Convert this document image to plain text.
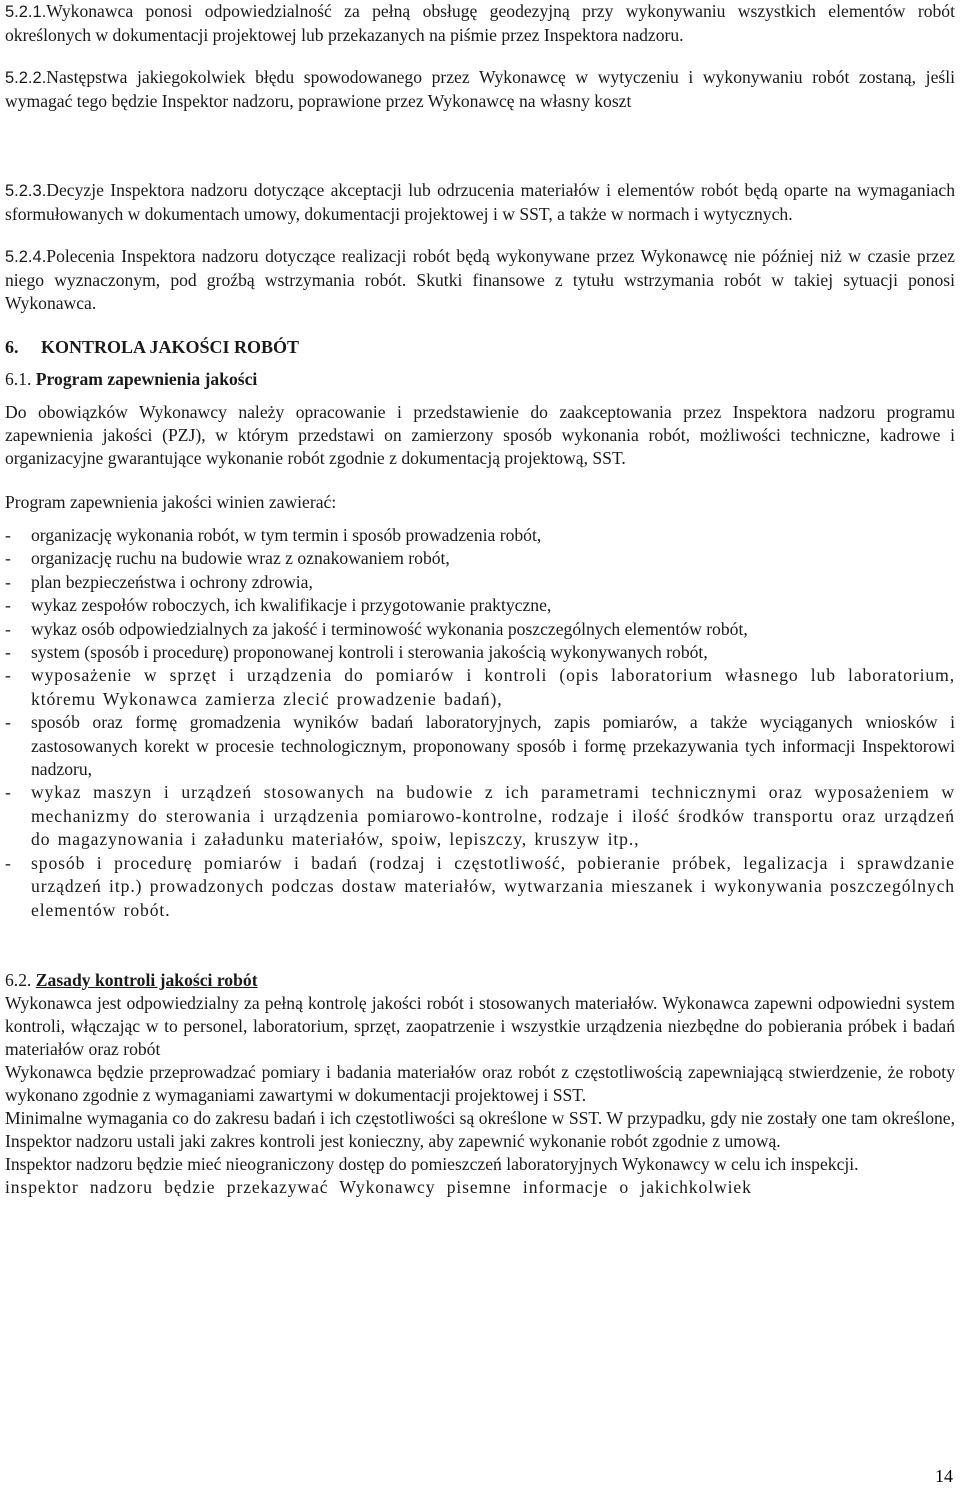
5.2.1.Wykonawca ponosi odpowiedzialność za pełną obsługę geodezyjną przy wykonywaniu wszystkich elementów robót określonych w dokumentacji projektowej lub przekazanych na piśmie przez Inspektora nadzoru.

5.2.2.Następstwa jakiegokolwiek błędu spowodowanego przez Wykonawcę w wytyczeniu i wykonywaniu robót zostaną, jeśli wymagać tego będzie Inspektor nadzoru, poprawione przez Wykonawcę na własny koszt

5.2.3.Decyzje Inspektora nadzoru dotyczące akceptacji lub odrzucenia materiałów i elementów robót będą oparte na wymaganiach sformułowanych w dokumentach umowy, dokumentacji projektowej i w SST, a także w normach i wytycznych.

5.2.4.Polecenia Inspektora nadzoru dotyczące realizacji robót będą wykonywane przez Wykonawcę nie później niż w czasie przez niego wyznaczonym, pod groźbą wstrzymania robót. Skutki finansowe z tytułu wstrzymania robót w takiej sytuacji ponosi Wykonawca.

6. KONTROLA JAKOŚCI ROBÓT

6.1. Program zapewnienia jakości

Do obowiązków Wykonawcy należy opracowanie i przedstawienie do zaakceptowania przez Inspektora nadzoru programu zapewnienia jakości (PZJ), w którym przedstawi on zamierzony sposób wykonania robót, możliwości techniczne, kadrowe i organizacyjne gwarantujące wykonanie robót zgodnie z dokumentacją projektową, SST.

Program zapewnienia jakości winien zawierać:

- organizację wykonania robót, w tym termin i sposób prowadzenia robót,
- organizację ruchu na budowie wraz z oznakowaniem robót,
- plan bezpieczeństwa i ochrony zdrowia,
- wykaz zespołów roboczych, ich kwalifikacje i przygotowanie praktyczne,
- wykaz osób odpowiedzialnych za jakość i terminowość wykonania poszczególnych elementów robót,
- system (sposób i procedurę) proponowanej kontroli i sterowania jakością wykonywanych robót,
- wyposażenie w sprzęt i urządzenia do pomiarów i kontroli (opis laboratorium własnego lub laboratorium, któremu Wykonawca zamierza zlecić prowadzenie badań),
- sposób oraz formę gromadzenia wyników badań laboratoryjnych, zapis pomiarów, a także wyciąganych wniosków i zastosowanych korekt w procesie technologicznym, proponowany sposób i formę przekazywania tych informacji Inspektorowi nadzoru,
- wykaz maszyn i urządzeń stosowanych na budowie z ich parametrami technicznymi oraz wyposażeniem w mechanizmy do sterowania i urządzenia pomiarowo-kontrolne, rodzaje i ilość środków transportu oraz urządzeń do magazynowania i załadunku materiałów, spoiw, lepiszczy, kruszyw itp.,
- sposób i procedurę pomiarów i badań (rodzaj i częstotliwość, pobieranie próbek, legalizacja i sprawdzanie urządzeń itp.) prowadzonych podczas dostaw materiałów, wytwarzania mieszanek i wykonywania poszczególnych elementów robót.

6.2. Zasady kontroli jakości robót

Wykonawca jest odpowiedzialny za pełną kontrolę jakości robót i stosowanych materiałów. Wykonawca zapewni odpowiedni system kontroli, włączając w to personel, laboratorium, sprzęt, zaopatrzenie i wszystkie urządzenia niezbędne do pobierania próbek i badań materiałów oraz robót

Wykonawca będzie przeprowadzać pomiary i badania materiałów oraz robót z częstotliwością zapewniającą stwierdzenie, że roboty wykonano zgodnie z wymaganiami zawartymi w dokumentacji projektowej i SST.

Minimalne wymagania co do zakresu badań i ich częstotliwości są określone w SST. W przypadku, gdy nie zostały one tam określone, Inspektor nadzoru ustali jaki zakres kontroli jest konieczny, aby zapewnić wykonanie robót zgodnie z umową.

Inspektor nadzoru będzie mieć nieograniczony dostęp do pomieszczeń laboratoryjnych Wykonawcy w celu ich inspekcji.

inspektor nadzoru będzie przekazywać Wykonawcy pisemne informacje o jakichkolwiek

14
